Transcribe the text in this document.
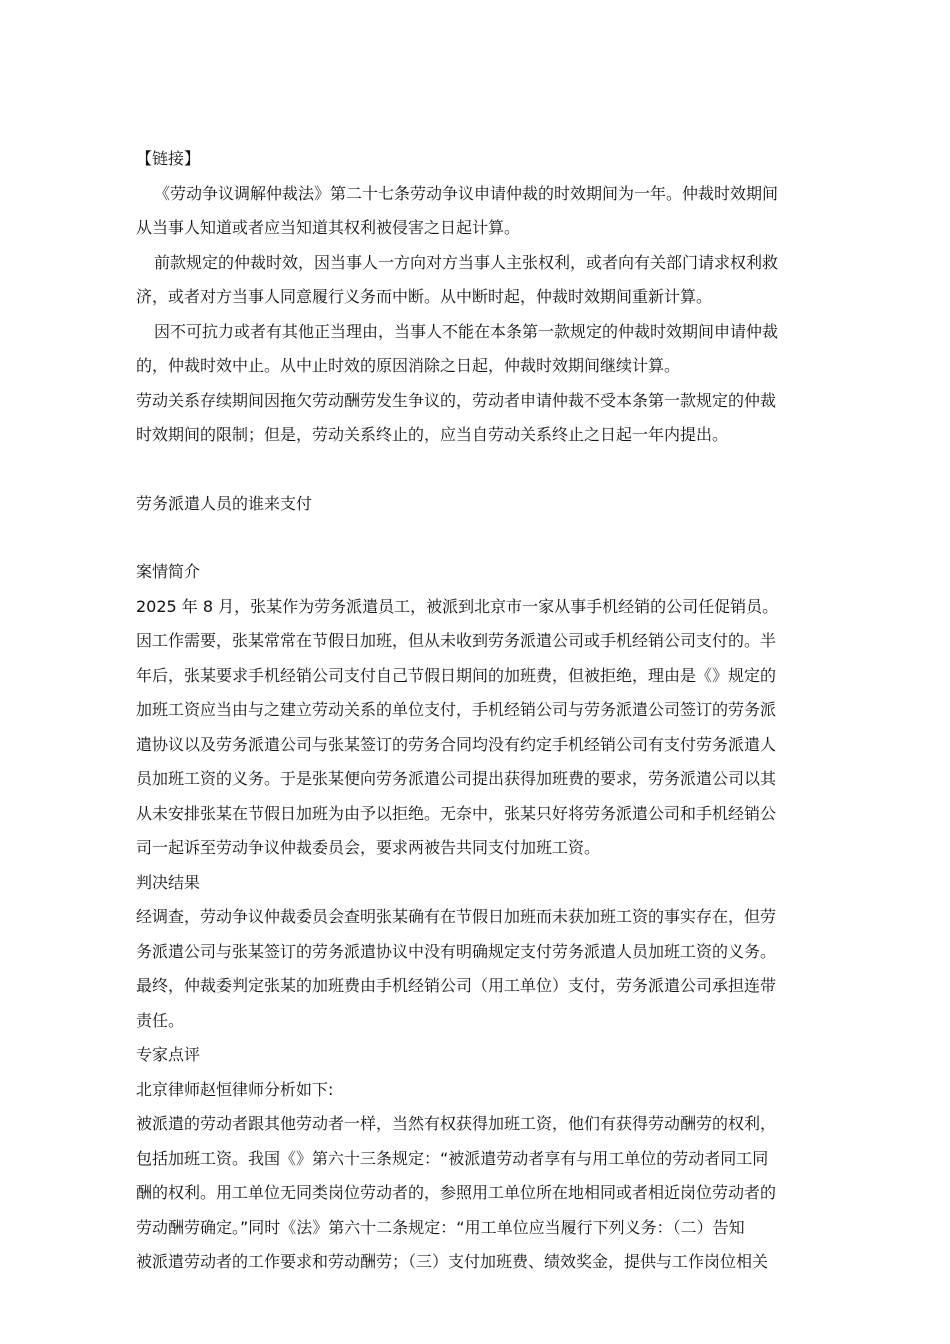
【链接】
《劳动争议调解仲裁法》第二十七条劳动争议申请仲裁的时效期间为一年。仲裁时效期间
从当事人知道或者应当知道其权利被侵害之日起计算。
前款规定的仲裁时效，因当事人一方向对方当事人主张权利，或者向有关部门请求权利救
济，或者对方当事人同意履行义务而中断。从中断时起，仲裁时效期间重新计算。
因不可抗力或者有其他正当理由，当事人不能在本条第一款规定的仲裁时效期间申请仲裁
的，仲裁时效中止。从中止时效的原因消除之日起，仲裁时效期间继续计算。
劳动关系存续期间因拖欠劳动酬劳发生争议的，劳动者申请仲裁不受本条第一款规定的仲裁
时效期间的限制；但是，劳动关系终止的，应当自劳动关系终止之日起一年内提出。
劳务派遣人员的谁来支付
案情简介
2025 年 8 月，张某作为劳务派遣员工，被派到北京市一家从事手机经销的公司任促销员。
因工作需要，张某常常在节假日加班，但从未收到劳务派遣公司或手机经销公司支付的。半
年后，张某要求手机经销公司支付自己节假日期间的加班费，但被拒绝，理由是《》规定的
加班工资应当由与之建立劳动关系的单位支付，手机经销公司与劳务派遣公司签订的劳务派
遣协议以及劳务派遣公司与张某签订的劳务合同均没有约定手机经销公司有支付劳务派遣人
员加班工资的义务。于是张某便向劳务派遣公司提出获得加班费的要求，劳务派遣公司以其
从未安排张某在节假日加班为由予以拒绝。无奈中，张某只好将劳务派遣公司和手机经销公
司一起诉至劳动争议仲裁委员会，要求两被告共同支付加班工资。
判决结果
经调查，劳动争议仲裁委员会查明张某确有在节假日加班而未获加班工资的事实存在，但劳
务派遣公司与张某签订的劳务派遣协议中没有明确规定支付劳务派遣人员加班工资的义务。
最终，仲裁委判定张某的加班费由手机经销公司（用工单位）支付，劳务派遣公司承担连带
责任。
专家点评
北京律师赵恒律师分析如下:
被派遣的劳动者跟其他劳动者一样，当然有权获得加班工资，他们有获得劳动酬劳的权利，
包括加班工资。我国《》第六十三条规定：“被派遣劳动者享有与用工单位的劳动者同工同
酬的权利。用工单位无同类岗位劳动者的，参照用工单位所在地相同或者相近岗位劳动者的
劳动酬劳确定。”同时《法》第六十二条规定：“用工单位应当履行下列义务：（二）告知
被派遣劳动者的工作要求和劳动酬劳；（三）支付加班费、绩效奖金，提供与工作岗位相关
